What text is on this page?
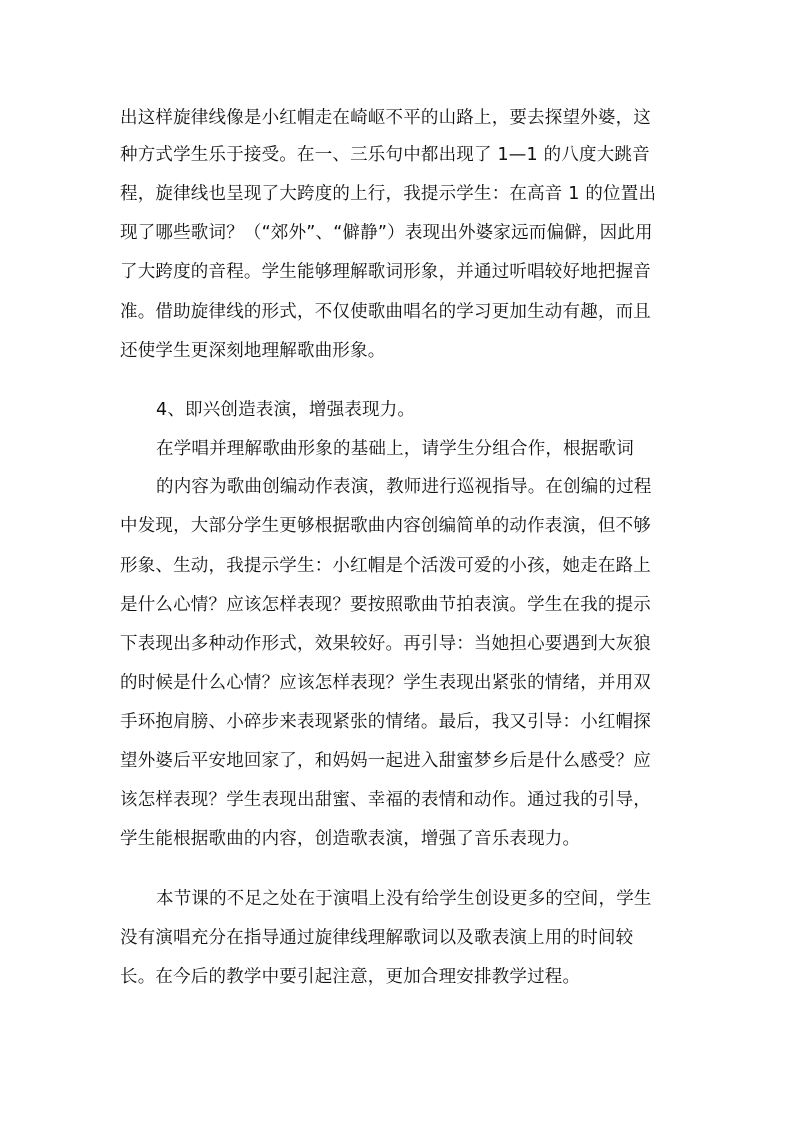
出这样旋律线像是小红帽走在崎岖不平的山路上，要去探望外婆，这
种方式学生乐于接受。在一、三乐句中都出现了 1—1 的八度大跳音
程，旋律线也呈现了大跨度的上行，我提示学生：在高音 1 的位置出
现了哪些歌词？（“郊外”、“僻静”）表现出外婆家远而偏僻，因此用
了大跨度的音程。学生能够理解歌词形象，并通过听唱较好地把握音
准。借助旋律线的形式，不仅使歌曲唱名的学习更加生动有趣，而且
还使学生更深刻地理解歌曲形象。
4、即兴创造表演，增强表现力。
在学唱并理解歌曲形象的基础上，请学生分组合作，根据歌词
的内容为歌曲创编动作表演，教师进行巡视指导。在创编的过程
中发现，大部分学生更够根据歌曲内容创编简单的动作表演，但不够
形象、生动，我提示学生：小红帽是个活泼可爱的小孩，她走在路上
是什么心情？应该怎样表现？要按照歌曲节拍表演。学生在我的提示
下表现出多种动作形式，效果较好。再引导：当她担心要遇到大灰狼
的时候是什么心情？应该怎样表现？学生表现出紧张的情绪，并用双
手环抱肩膀、小碎步来表现紧张的情绪。最后，我又引导：小红帽探
望外婆后平安地回家了，和妈妈一起进入甜蜜梦乡后是什么感受？应
该怎样表现？学生表现出甜蜜、幸福的表情和动作。通过我的引导，
学生能根据歌曲的内容，创造歌表演，增强了音乐表现力。
本节课的不足之处在于演唱上没有给学生创设更多的空间，学生
没有演唱充分在指导通过旋律线理解歌词以及歌表演上用的时间较
长。在今后的教学中要引起注意，更加合理安排教学过程。
